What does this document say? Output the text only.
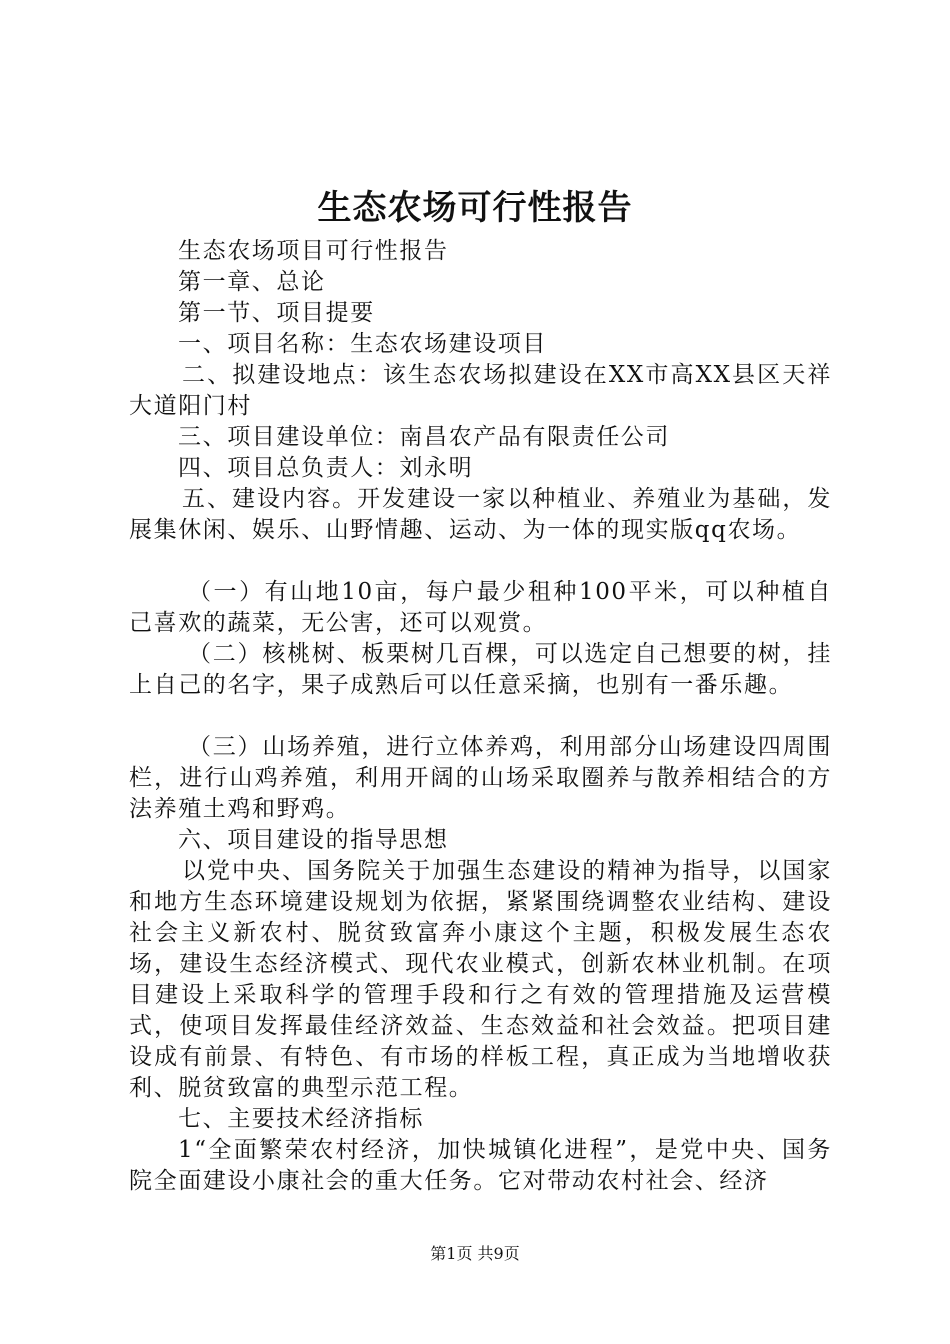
生态农场可行性报告

生态农场项目可行性报告

第一章、总论

第一节、项目提要

一、项目名称：生态农场建设项目

二、拟建设地点：该生态农场拟建设在XX市高XX县区天祥大道阳门村

三、项目建设单位：南昌农产品有限责任公司

四、项目总负责人：刘永明

五、建设内容。开发建设一家以种植业、养殖业为基础，发展集休闲、娱乐、山野情趣、运动、为一体的现实版qq农场。

（一）有山地10亩，每户最少租种100平米，可以种植自己喜欢的蔬菜，无公害，还可以观赏。

（二）核桃树、板栗树几百棵，可以选定自己想要的树，挂上自己的名字，果子成熟后可以任意采摘，也别有一番乐趣。

（三）山场养殖，进行立体养鸡，利用部分山场建设四周围栏，进行山鸡养殖，利用开阔的山场采取圈养与散养相结合的方法养殖土鸡和野鸡。

六、项目建设的指导思想

以党中央、国务院关于加强生态建设的精神为指导，以国家和地方生态环境建设规划为依据，紧紧围绕调整农业结构、建设社会主义新农村、脱贫致富奔小康这个主题，积极发展生态农场，建设生态经济模式、现代农业模式，创新农林业机制。在项目建设上采取科学的管理手段和行之有效的管理措施及运营模式，使项目发挥最佳经济效益、生态效益和社会效益。把项目建设成有前景、有特色、有市场的样板工程，真正成为当地增收获利、脱贫致富的典型示范工程。

七、主要技术经济指标

1“全面繁荣农村经济，加快城镇化进程”，是党中央、国务院全面建设小康社会的重大任务。它对带动农村社会、经济

第1页 共9页
